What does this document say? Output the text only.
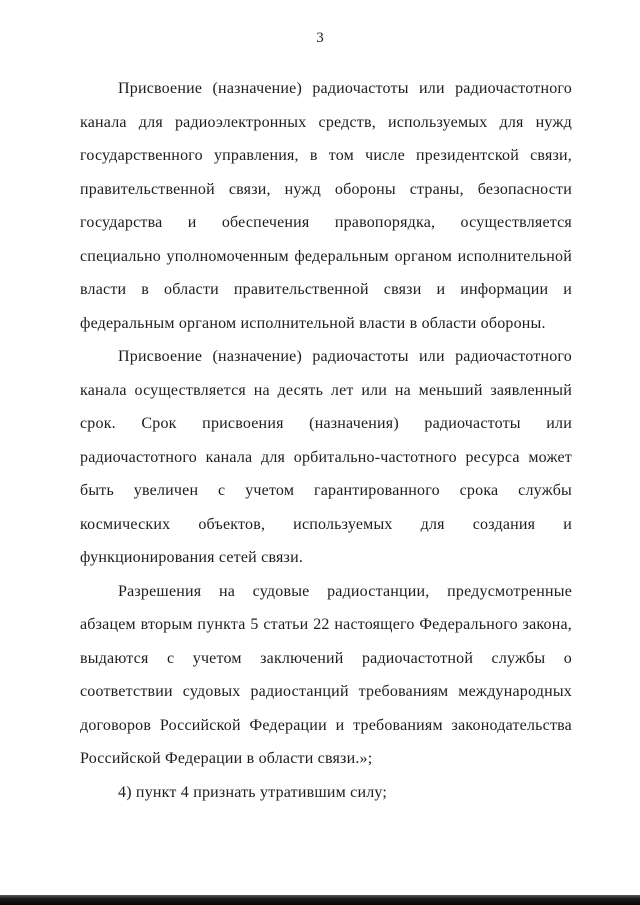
3

Присвоение (назначение) радиочастоты или радиочастотного канала для радиоэлектронных средств, используемых для нужд государственного управления, в том числе президентской связи, правительственной связи, нужд обороны страны, безопасности государства и обеспечения правопорядка, осуществляется специально уполномоченным федеральным органом исполнительной власти в области правительственной связи и информации и федеральным органом исполнительной власти в области обороны.

Присвоение (назначение) радиочастоты или радиочастотного канала осуществляется на десять лет или на меньший заявленный срок. Срок присвоения (назначения) радиочастоты или радиочастотного канала для орбитально-частотного ресурса может быть увеличен с учетом гарантированного срока службы космических объектов, используемых для создания и функционирования сетей связи.

Разрешения на судовые радиостанции, предусмотренные абзацем вторым пункта 5 статьи 22 настоящего Федерального закона, выдаются с учетом заключений радиочастотной службы о соответствии судовых радиостанций требованиям международных договоров Российской Федерации и требованиям законодательства Российской Федерации в области связи.»;

4) пункт 4 признать утратившим силу;
